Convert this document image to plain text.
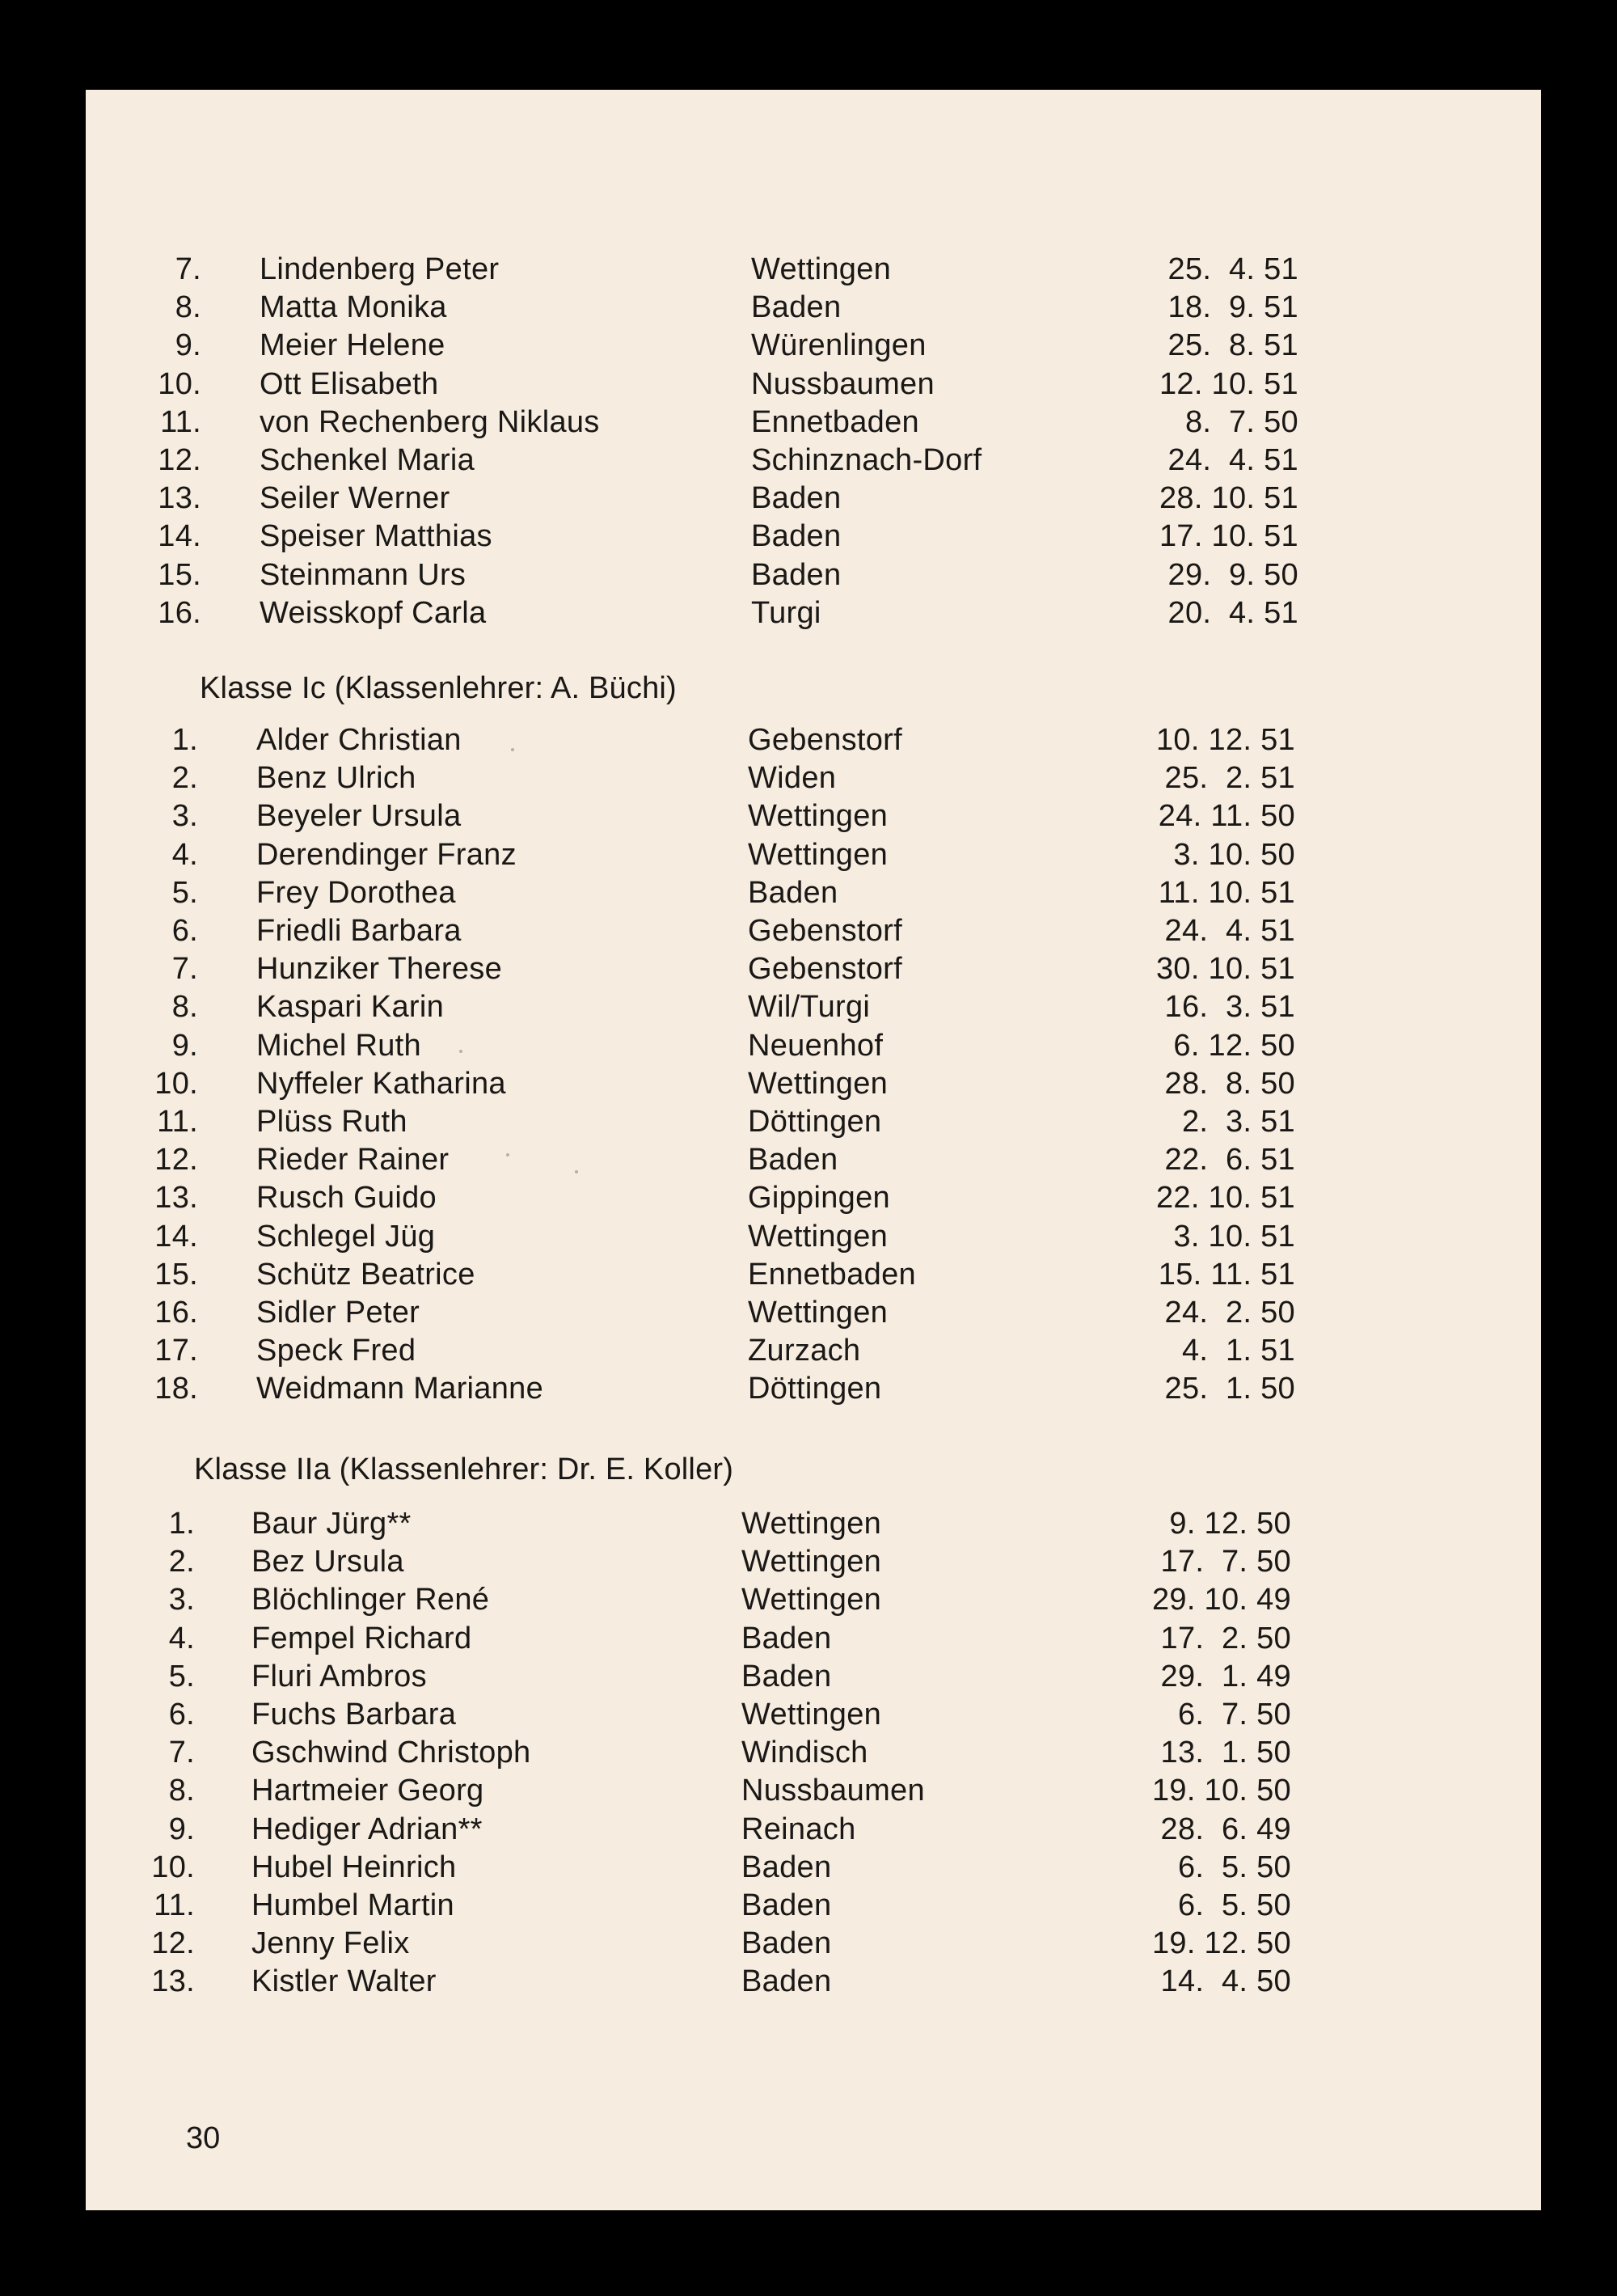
30
7. Lindenberg Peter	Wettingen	25.  4. 51
8. Matta Monika	Baden	18.  9. 51
9. Meier Helene	Würenlingen	25.  8. 51
10. Ott Elisabeth	Nussbaumen	12. 10. 51
11. von Rechenberg Niklaus	Ennetbaden	8.  7. 50
12. Schenkel Maria	Schinznach-Dorf	24.  4. 51
13. Seiler Werner	Baden	28. 10. 51
14. Speiser Matthias	Baden	17. 10. 51
15. Steinmann Urs	Baden	29.  9. 50
16. Weisskopf Carla	Turgi	20.  4. 51
Klasse Ic (Klassenlehrer: A. Büchi)
1. Alder Christian	Gebenstorf	10. 12. 51
2. Benz Ulrich	Widen	25.  2. 51
3. Beyeler Ursula	Wettingen	24. 11. 50
4. Derendinger Franz	Wettingen	3. 10. 50
5. Frey Dorothea	Baden	11. 10. 51
6. Friedli Barbara	Gebenstorf	24.  4. 51
7. Hunziker Therese	Gebenstorf	30. 10. 51
8. Kaspari Karin	Wil/Turgi	16.  3. 51
9. Michel Ruth	Neuenhof	6. 12. 50
10. Nyffeler Katharina	Wettingen	28.  8. 50
11. Plüss Ruth	Döttingen	2.  3. 51
12. Rieder Rainer	Baden	22.  6. 51
13. Rusch Guido	Gippingen	22. 10. 51
14. Schlegel Jüg	Wettingen	3. 10. 51
15. Schütz Beatrice	Ennetbaden	15. 11. 51
16. Sidler Peter	Wettingen	24.  2. 50
17. Speck Fred	Zurzach	4.  1. 51
18. Weidmann Marianne	Döttingen	25.  1. 50
Klasse IIa (Klassenlehrer: Dr. E. Koller)
1. Baur Jürg**	Wettingen	9. 12. 50
2. Bez Ursula	Wettingen	17.  7. 50
3. Blöchlinger René	Wettingen	29. 10. 49
4. Fempel Richard	Baden	17.  2. 50
5. Fluri Ambros	Baden	29.  1. 49
6. Fuchs Barbara	Wettingen	6.  7. 50
7. Gschwind Christoph	Windisch	13.  1. 50
8. Hartmeier Georg	Nussbaumen	19. 10. 50
9. Hediger Adrian**	Reinach	28.  6. 49
10. Hubel Heinrich	Baden	6.  5. 50
11. Humbel Martin	Baden	6.  5. 50
12. Jenny Felix	Baden	19. 12. 50
13. Kistler Walter	Baden	14.  4. 50
